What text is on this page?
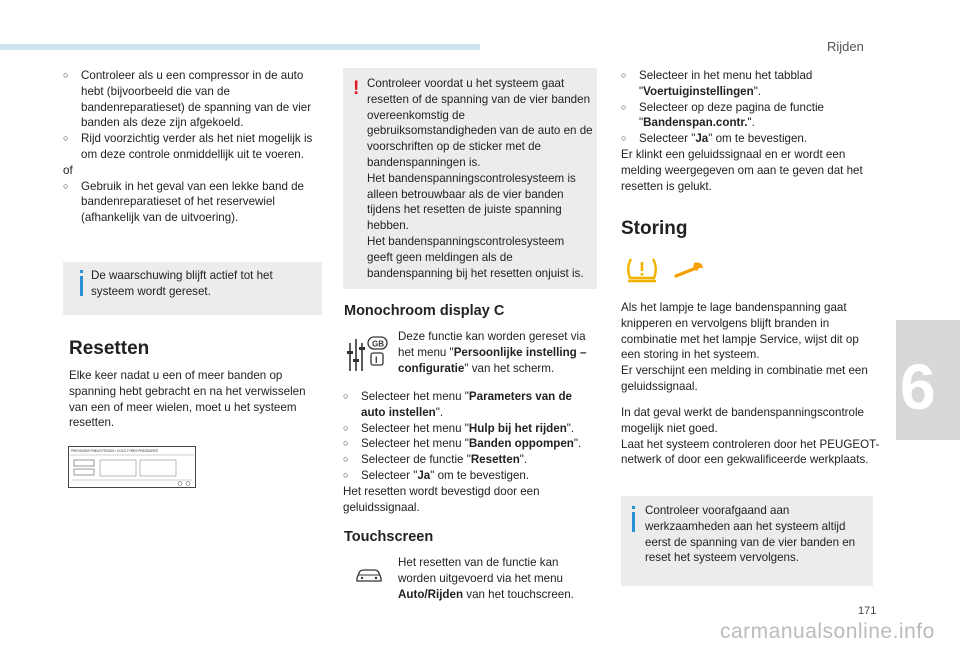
Rijden

○ Controleer als u een compressor in de auto hebt (bijvoorbeeld die van de bandenreparatieset) de spanning van de vier banden als deze zijn afgekoeld.

○ Rijd voorzichtig verder als het niet mogelijk is om deze controle onmiddellijk uit te voeren.

of

○ Gebruik in het geval van een lekke band de bandenreparatieset of het reservewiel (afhankelijk van de uitvoering).

De waarschuwing blijft actief tot het systeem wordt gereset.
Resetten
Elke keer nadat u een of meer banden op spanning hebt gebracht en na het verwisselen van een of meer wielen, moet u het systeem resetten.
PRESSIONS PNEUS FROIDS / COLD TYRES PRESSURES
! Controleer voordat u het systeem gaat resetten of de spanning van de vier banden overeenkomstig de gebruiksomstandigheden van de auto en de voorschriften op de sticker met de bandenspanningen is.
Het bandenspanningscontrolesysteem is alleen betrouwbaar als de vier banden tijdens het resetten de juiste spanning hebben.
Het bandenspanningscontrolesysteem geeft geen meldingen als de bandenspanning bij het resetten onjuist is.
Monochroom display C
GB
I
Deze functie kan worden gereset via het menu "Persoonlijke instelling – configuratie" van het scherm.

○ Selecteer het menu "Parameters van de auto instellen".

○ Selecteer het menu "Hulp bij het rijden".

○ Selecteer het menu "Banden oppompen".

○ Selecteer de functie "Resetten".

○ Selecteer "Ja" om te bevestigen.

Het resetten wordt bevestigd door een geluidssignaal.

Touchscreen
Het resetten van de functie kan worden uitgevoerd via het menu Auto/Rijden van het touchscreen.

○ Selecteer in het menu het tabblad "Voertuiginstellingen".

○ Selecteer op deze pagina de functie "Bandenspan.contr.".

○ Selecteer "Ja" om te bevestigen.

Er klinkt een geluidssignaal en er wordt een melding weergegeven om aan te geven dat het resetten is gelukt.

Storing
Als het lampje te lage bandenspanning gaat knipperen en vervolgens blijft branden in combinatie met het lampje Service, wijst dit op een storing in het systeem.
Er verschijnt een melding in combinatie met een geluidssignaal.
In dat geval werkt de bandenspanningscontrole mogelijk niet goed.
Laat het systeem controleren door het PEUGEOT-netwerk of door een gekwalificeerde werkplaats.
Controleer voorafgaand aan werkzaamheden aan het systeem altijd eerst de spanning van de vier banden en reset het systeem vervolgens.
6
171
carmanualsonline.info
